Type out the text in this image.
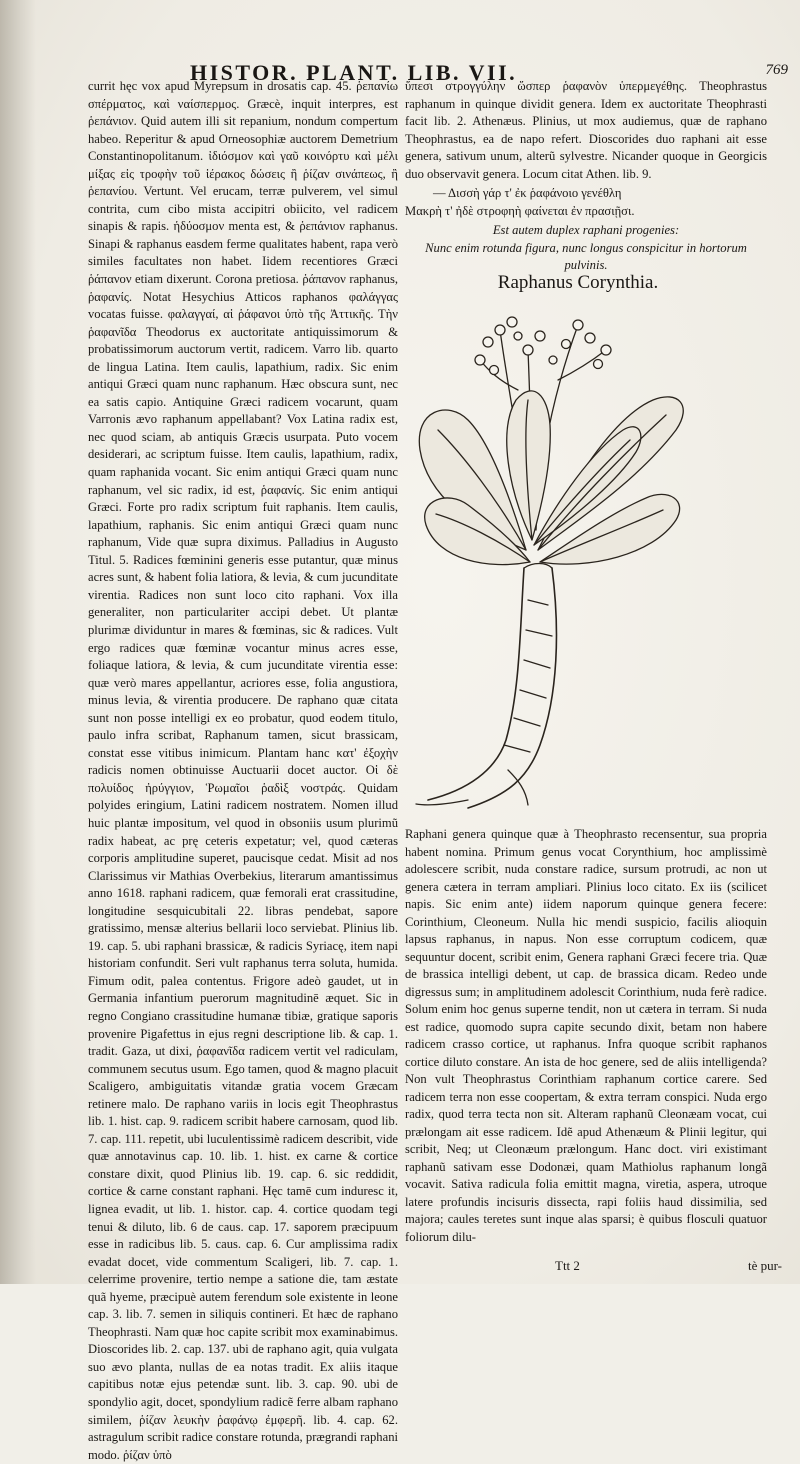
HISTOR. PLANT. LIB. VII.	769

currit hęc vox apud Myrepsum in drosatis cap. 45. ῥεπανίω σπέρματος, καὶ ναίσπερμος. Græcè, inquit interpres, est ῥεπάνιον. Quid autem illi sit repanium, nondum compertum habeo. Reperitur & apud Orneosophiæ auctorem Demetrium Constantinopolitanum. ἰδιόσμον καὶ γαῦ κοινόρτυ καὶ μέλι μίξας εἰς τροφὴν τοῦ ἱέρακος δώσεις ἢ ῥίζαν σινάπεως, ἢ ῥεπανίου. Vertunt. Vel erucam, terræ pulverem, vel simul contrita, cum cibo mista accipitri obiicito, vel radicem sinapis & rapis. ἡδύοσμον menta est, & ῥεπάνιον raphanus. Sinapi & raphanus easdem ferme qualitates habent, rapa verò similes facultates non habet. Iidem recentiores Græci ῥάπανον etiam dixerunt. Corona pretiosa. ῥάπανον raphanus, ῥαφανίς. Notat Hesychius Atticos raphanos φαλάγγας vocatas fuisse. φαλαγγαί, αἱ ῥάφανοι ὑπὸ τῆς Ἀττικῆς. Τὴν ῥαφανῖδα Theodorus ex auctoritate antiquissimorum & probatissimorum auctorum vertit, radicem. Varro lib. quarto de lingua Latina. Item caulis, lapathium, radix. Sic enim antiqui Græci quam nunc raphanum. Hæc obscura sunt, nec ea satis capio. Antiquine Græci radicem vocarunt, quam Varronis ævo raphanum appellabant? Vox Latina radix est, nec quod sciam, ab antiquis Græcis usurpata. Puto vocem desiderari, ac scriptum fuisse. Item caulis, lapathium, radix, quam raphanida vocant. Sic enim antiqui Græci quam nunc raphanum, vel sic radix, id est, ῥαφανίς. Sic enim antiqui Græci. Forte pro radix scriptum fuit raphanis. Item caulis, lapathium, raphanis. Sic enim antiqui Græci quam nunc raphanum, Vide quæ supra diximus. Palladius in Augusto Titul. 5. Radices fœminini generis esse putantur, quæ minus acres sunt, & habent folia latiora, & levia, & cum jucunditate virentia. Radices non sunt loco cito raphani. Vox illa generaliter, non particulariter accipi debet. Ut plantæ plurimæ dividuntur in mares & fœminas, sic & radices. Vult ergo radices quæ fœminæ vocantur minus acres esse, foliaque latiora, & levia, & cum jucunditate virentia esse: quæ verò mares appellantur, acriores esse, folia angustiora, minus levia, & virentia producere. De raphano quæ citata sunt non posse intelligi ex eo probatur, quod eodem titulo, paulo infra scribat, Raphanum tamen, sicut brassicam, constat esse vitibus inimicum. Plantam hanc κατ' ἐξοχὴν radicis nomen obtinuisse Auctuarii docet auctor. Οἱ δὲ πολυίδος ἠρύγγιον, Ῥωμαῖοι ῥαδὶξ νοστράς. Quidam polyides eringium, Latini radicem nostratem. Nomen illud huic plantæ impositum, vel quod in obsoniis usum plurimũ radix habeat, ac prę ceteris expetatur; vel, quod cæteras corporis amplitudine superet, paucisque cedat. Misit ad nos Clarissimus vir Mathias Overbekius, literarum amantissimus anno 1618. raphani radicem, quæ femorali erat crassitudine, longitudine sesquicubitali 22. libras pendebat, sapore gratissimo, mensæ alterius bellarii loco serviebat. Plinius lib. 19. cap. 5. ubi raphani brassicæ, & radicis Syriacę, item napi historiam confundit. Seri vult raphanus terra soluta, humida. Fimum odit, palea contentus. Frigore adeò gaudet, ut in Germania infantium puerorum magnitudinē æquet. Sic in regno Congiano crassitudine humanæ tibiæ, gratique saporis provenire Pigafettus in ejus regni descriptione lib. & cap. 1. tradit. Gaza, ut dixi, ῥαφανῖδα radicem vertit vel radiculam, communem secutus usum. Ego tamen, quod & magno placuit Scaligero, ambiguitatis vitandæ gratia vocem Græcam retinere malo. De raphano variis in locis egit Theophrastus lib. 1. hist. cap. 9. radicem scribit habere carnosam, quod lib. 7. cap. 111. repetit, ubi luculentissimè radicem describit, vide quæ annotavinus cap. 10. lib. 1. hist. ex carne & cortice constare dixit, quod Plinius lib. 19. cap. 6. sic reddidit, cortice & carne constant raphani. Hęc tamē cum induresc it, lignea evadit, ut lib. 1. histor. cap. 4. cortice quodam tegi tenui & diluto, lib. 6 de caus. cap. 17. saporem præcipuum esse in radicibus lib. 5. caus. cap. 6. Cur amplissima radix evadat docet, vide commentum Scaligeri, lib. 7. cap. 1. celerrime provenire, tertio nempe a satione die, tam æstate quã hyeme, præcipuè autem ferendum sole existente in leone cap. 3. lib. 7. semen in siliquis contineri. Et hæc de raphano Theophrasti. Nam quæ hoc capite scribit mox examinabimus. Dioscorides lib. 2. cap. 137. ubi de raphano agit, quia vulgata suo ævo planta, nullas de ea notas tradit. Ex aliis itaque capitibus notæ ejus petendæ sunt. lib. 3. cap. 90. ubi de spondylio agit, docet, spondylium radicẽ ferre albam raphano similem, ῥίζαν λευκὴν ῥαφάνῳ ἐμφερῆ. lib. 4. cap. 62. astragulum scribit radice constare rotunda, prægrandi raphani modo. ῥίζαν ὑπὸ

ὕπεσι στρογγύλην ὥσπερ ῥαφανὸν ὑπερμεγέθης. Theophrastus raphanum in quinque dividit genera. Idem ex auctoritate Theophrasti facit lib. 2. Athenæus. Plinius, ut mox audiemus, quæ de raphano Theophrastus, ea de napo refert. Dioscorides duo raphani ait esse genera, sativum unum, alterũ sylvestre. Nicander quoque in Georgicis duo observavit genera. Locum citat Athen. lib. 9.

— Δισσὴ γάρ τ' ἐκ ῥαφάνοιο γενέθλη
Μακρὴ τ' ἠδὲ στροφηὴ φαίνεται ἐν πρασιῇσι.
Est autem duplex raphani progenies:
Nunc enim rotunda figura, nunc longus conspicitur in hortorum pulvinis.
Raphanus Corynthia.

Raphani genera quinque quæ à Theophrasto recensentur, sua propria habent nomina. Primum genus vocat Corynthium, hoc amplissimè adolescere scribit, nuda constare radice, sursum protrudi, ac non ut genera cætera in terram ampliari. Plinius loco citato. Ex iis (scilicet napis. Sic enim ante) iidem naporum quinque genera fecere: Corinthium, Cleoneum. Nulla hic mendi suspicio, facilis alioquin lapsus raphanus, in napus. Non esse corruptum codicem, quæ sequuntur docent, scribit enim, Genera raphani Græci fecere tria. Quæ de brassica intelligi debent, ut cap. de brassica dicam. Redeo unde digressus sum; in amplitudinem adolescit Corinthium, nuda ferè radice. Solum enim hoc genus superne tendit, non ut cætera in terram. Si nuda est radice, quomodo supra capite secundo dixit, betam non habere radicem crasso cortice, ut raphanus. Infra quoque scribit raphanos cortice diluto constare. An ista de hoc genere, sed de aliis intelligenda? Non vult Theophrastus Corinthiam raphanum cortice carere. Sed radicem terra non esse coopertam, & extra terram conspici. Nuda ergo radix, quod terra tecta non sit. Alteram raphanũ Cleonæam vocat, cui prælongam ait esse radicem. Idẽ apud Athenæum & Plinii legitur, qui scribit, Neq; ut Cleonæum prælongum. Hanc doct. viri existimant raphanũ sativam esse Dodonæi, quam Mathiolus raphanum longã vocavit. Sativa radicula folia emittit magna, viretia, aspera, utroque latere profundis incisuris dissecta, rapi foliis haud dissimilia, sed majora; caules teretes sunt inque alas sparsi; è quibus flosculi quatuor foliorum dilu-

Ttt 2	tè pur-
